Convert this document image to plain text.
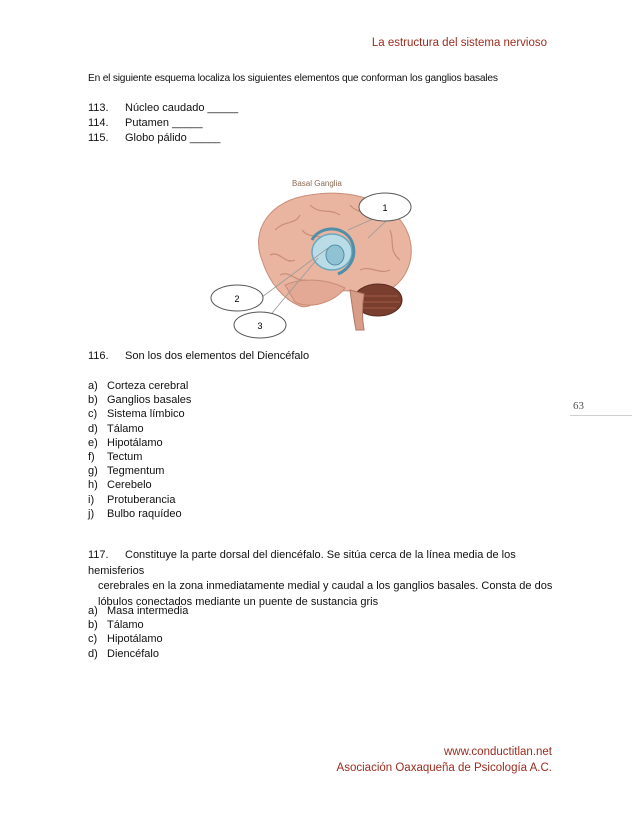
La estructura del sistema nervioso
63
En el siguiente esquema localiza los siguientes elementos que conforman los ganglios basales
113. Núcleo caudado _____
114. Putamen _____
115. Globo pálido _____
Basal Ganglia
1
2
3
116. Son los dos elementos del Diencéfalo
a) Corteza cerebral
b) Ganglios basales
c) Sistema límbico
d) Tálamo
e) Hipotálamo
f)	Tectum
g) Tegmentum
h) Cerebelo
i)	Protuberancia
j)	Bulbo raquídeo
117. Constituye la parte dorsal del diencéfalo. Se sitúa cerca de la línea media de los hemisferios
cerebrales en la zona inmediatamente medial y caudal a los ganglios basales. Consta de dos
lóbulos conectados mediante un puente de sustancia gris
a) Masa intermedia
b) Tálamo
c) Hipotálamo
d) Diencéfalo
www.conductitlan.net
Asociación Oaxaqueña de Psicología A.C.
